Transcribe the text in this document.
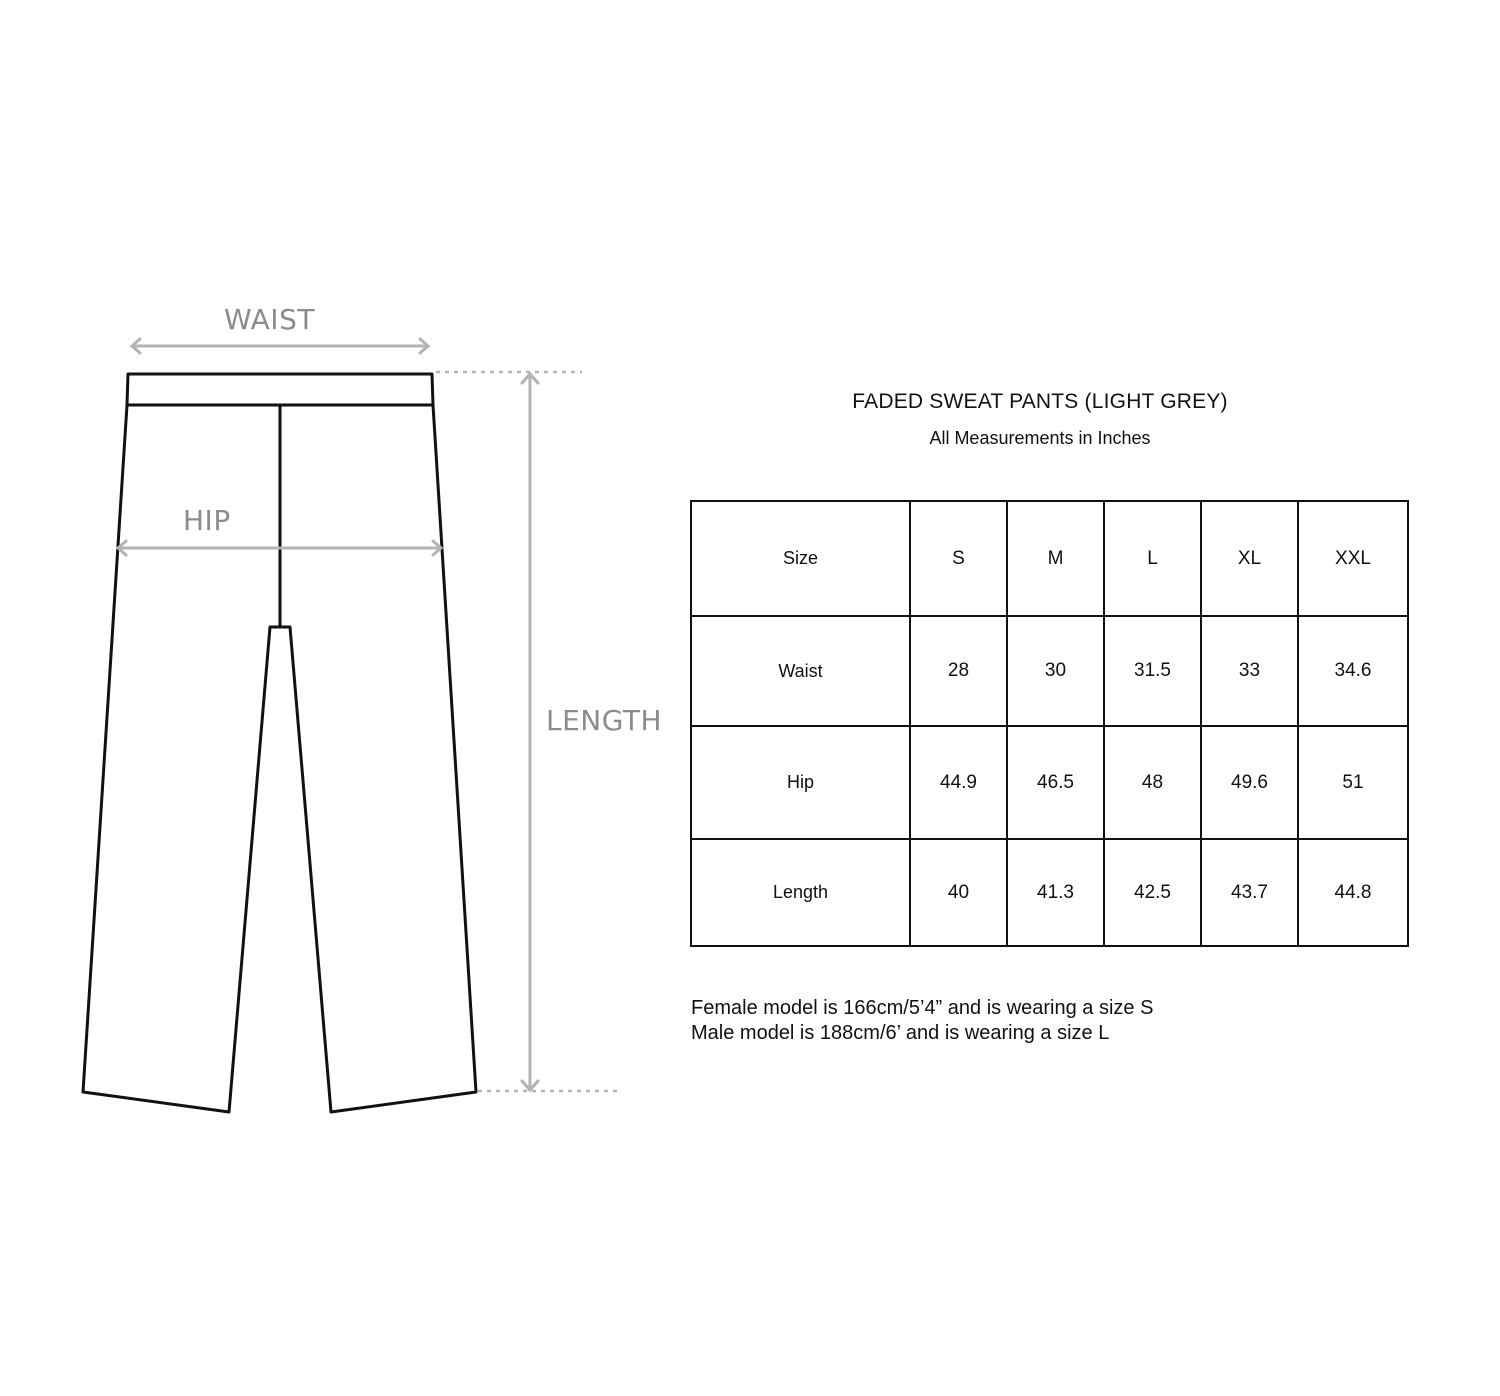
WAIST
HIP
LENGTH
FADED SWEAT PANTS (LIGHT GREY)
All Measurements in Inches
Size	S	M	L	XL	XXL
Waist	28	30	31.5	33	34.6
Hip	44.9	46.5	48	49.6	51
Length	40	41.3	42.5	43.7	44.8
Female model is 166cm/5’4” and is wearing a size S
Male model is 188cm/6’ and is wearing a size L
